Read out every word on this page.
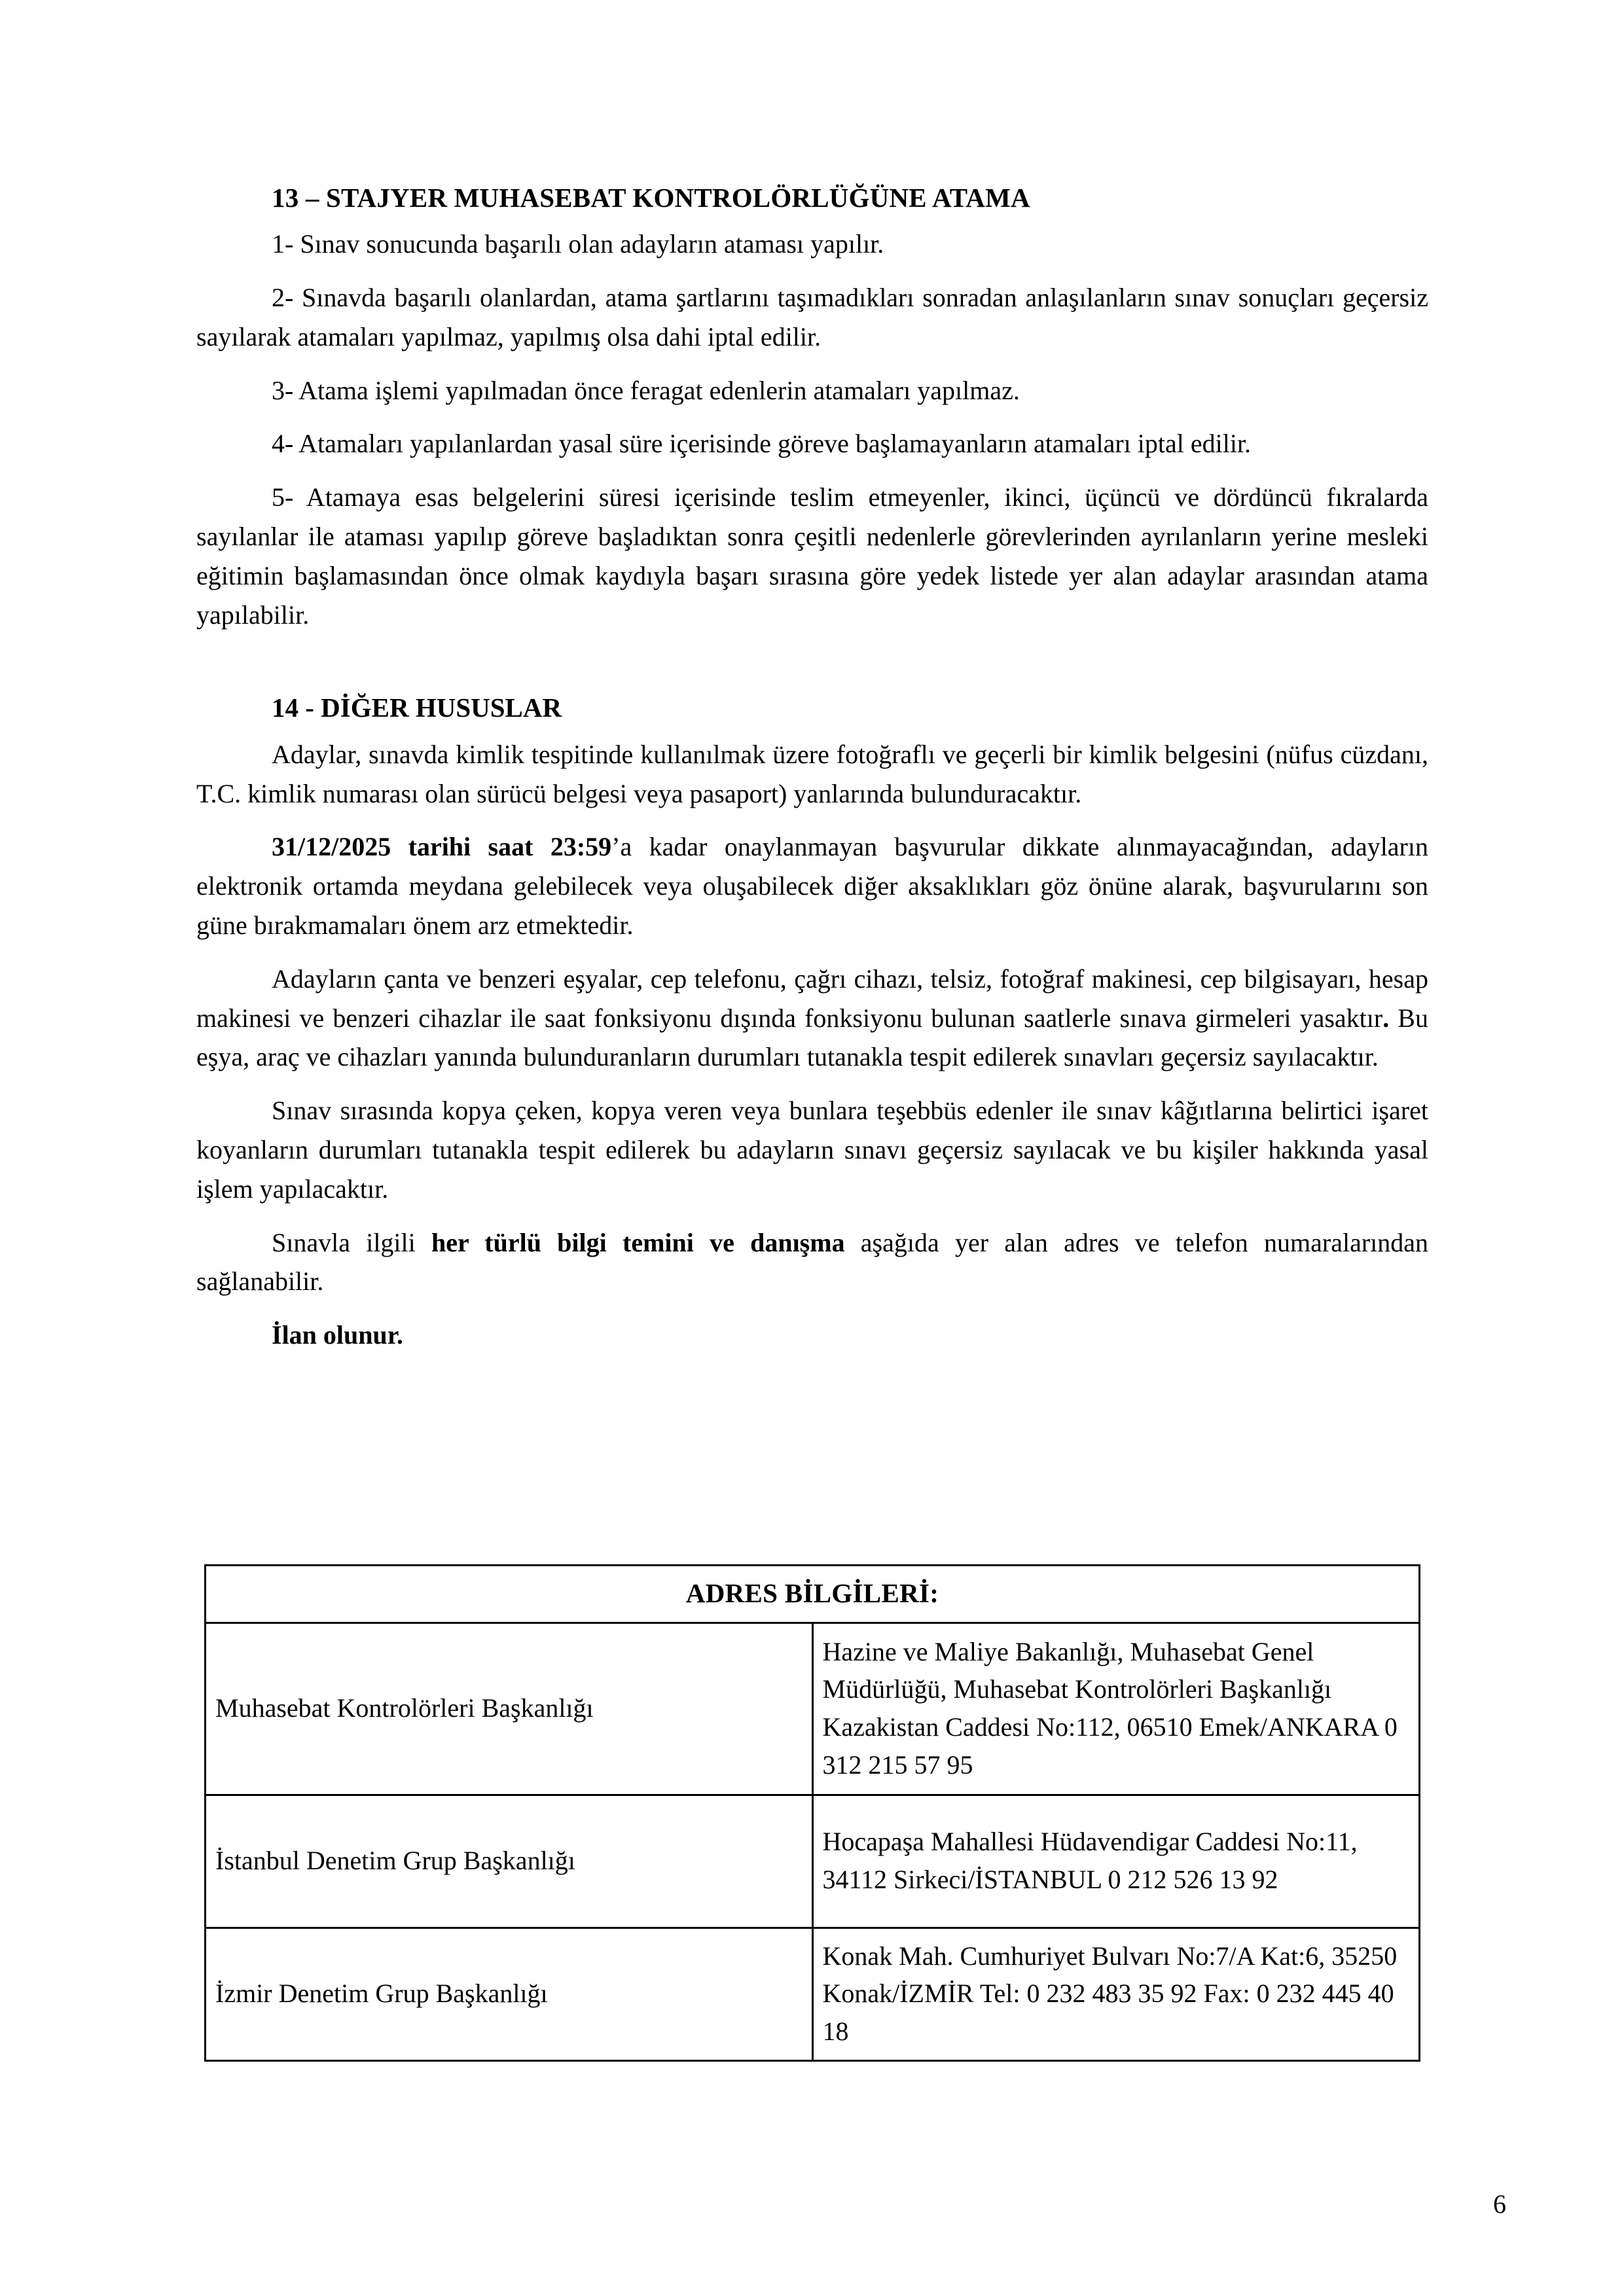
13 – STAJYER MUHASEBAT KONTROLÖRLÜĞÜNE ATAMA

1- Sınav sonucunda başarılı olan adayların ataması yapılır.

2- Sınavda başarılı olanlardan, atama şartlarını taşımadıkları sonradan anlaşılanların sınav sonuçları geçersiz sayılarak atamaları yapılmaz, yapılmış olsa dahi iptal edilir.

3- Atama işlemi yapılmadan önce feragat edenlerin atamaları yapılmaz.

4- Atamaları yapılanlardan yasal süre içerisinde göreve başlamayanların atamaları iptal edilir.

5- Atamaya esas belgelerini süresi içerisinde teslim etmeyenler, ikinci, üçüncü ve dördüncü fıkralarda sayılanlar ile ataması yapılıp göreve başladıktan sonra çeşitli nedenlerle görevlerinden ayrılanların yerine mesleki eğitimin başlamasından önce olmak kaydıyla başarı sırasına göre yedek listede yer alan adaylar arasından atama yapılabilir.

14 - DİĞER HUSUSLAR

Adaylar, sınavda kimlik tespitinde kullanılmak üzere fotoğraflı ve geçerli bir kimlik belgesini (nüfus cüzdanı, T.C. kimlik numarası olan sürücü belgesi veya pasaport) yanlarında bulunduracaktır.

31/12/2025 tarihi saat 23:59’a kadar onaylanmayan başvurular dikkate alınmayacağından, adayların elektronik ortamda meydana gelebilecek veya oluşabilecek diğer aksaklıkları göz önüne alarak, başvurularını son güne bırakmamaları önem arz etmektedir.

Adayların çanta ve benzeri eşyalar, cep telefonu, çağrı cihazı, telsiz, fotoğraf makinesi, cep bilgisayarı, hesap makinesi ve benzeri cihazlar ile saat fonksiyonu dışında fonksiyonu bulunan saatlerle sınava girmeleri yasaktır. Bu eşya, araç ve cihazları yanında bulunduranların durumları tutanakla tespit edilerek sınavları geçersiz sayılacaktır.

Sınav sırasında kopya çeken, kopya veren veya bunlara teşebbüs edenler ile sınav kâğıtlarına belirtici işaret koyanların durumları tutanakla tespit edilerek bu adayların sınavı geçersiz sayılacak ve bu kişiler hakkında yasal işlem yapılacaktır.

Sınavla ilgili her türlü bilgi temini ve danışma aşağıda yer alan adres ve telefon numaralarından sağlanabilir.

İlan olunur.

ADRES BİLGİLERİ:	
Muhasebat Kontrolörleri Başkanlığı	Hazine ve Maliye Bakanlığı, Muhasebat Genel Müdürlüğü, Muhasebat Kontrolörleri Başkanlığı Kazakistan Caddesi No:112, 06510 Emek/ANKARA 0 312 215 57 95
İstanbul Denetim Grup Başkanlığı	Hocapaşa Mahallesi Hüdavendigar Caddesi No:11, 34112 Sirkeci/İSTANBUL 0 212 526 13 92
İzmir Denetim Grup Başkanlığı	Konak Mah. Cumhuriyet Bulvarı No:7/A Kat:6, 35250 Konak/İZMİR Tel: 0 232 483 35 92 Fax: 0 232 445 40 18
6
